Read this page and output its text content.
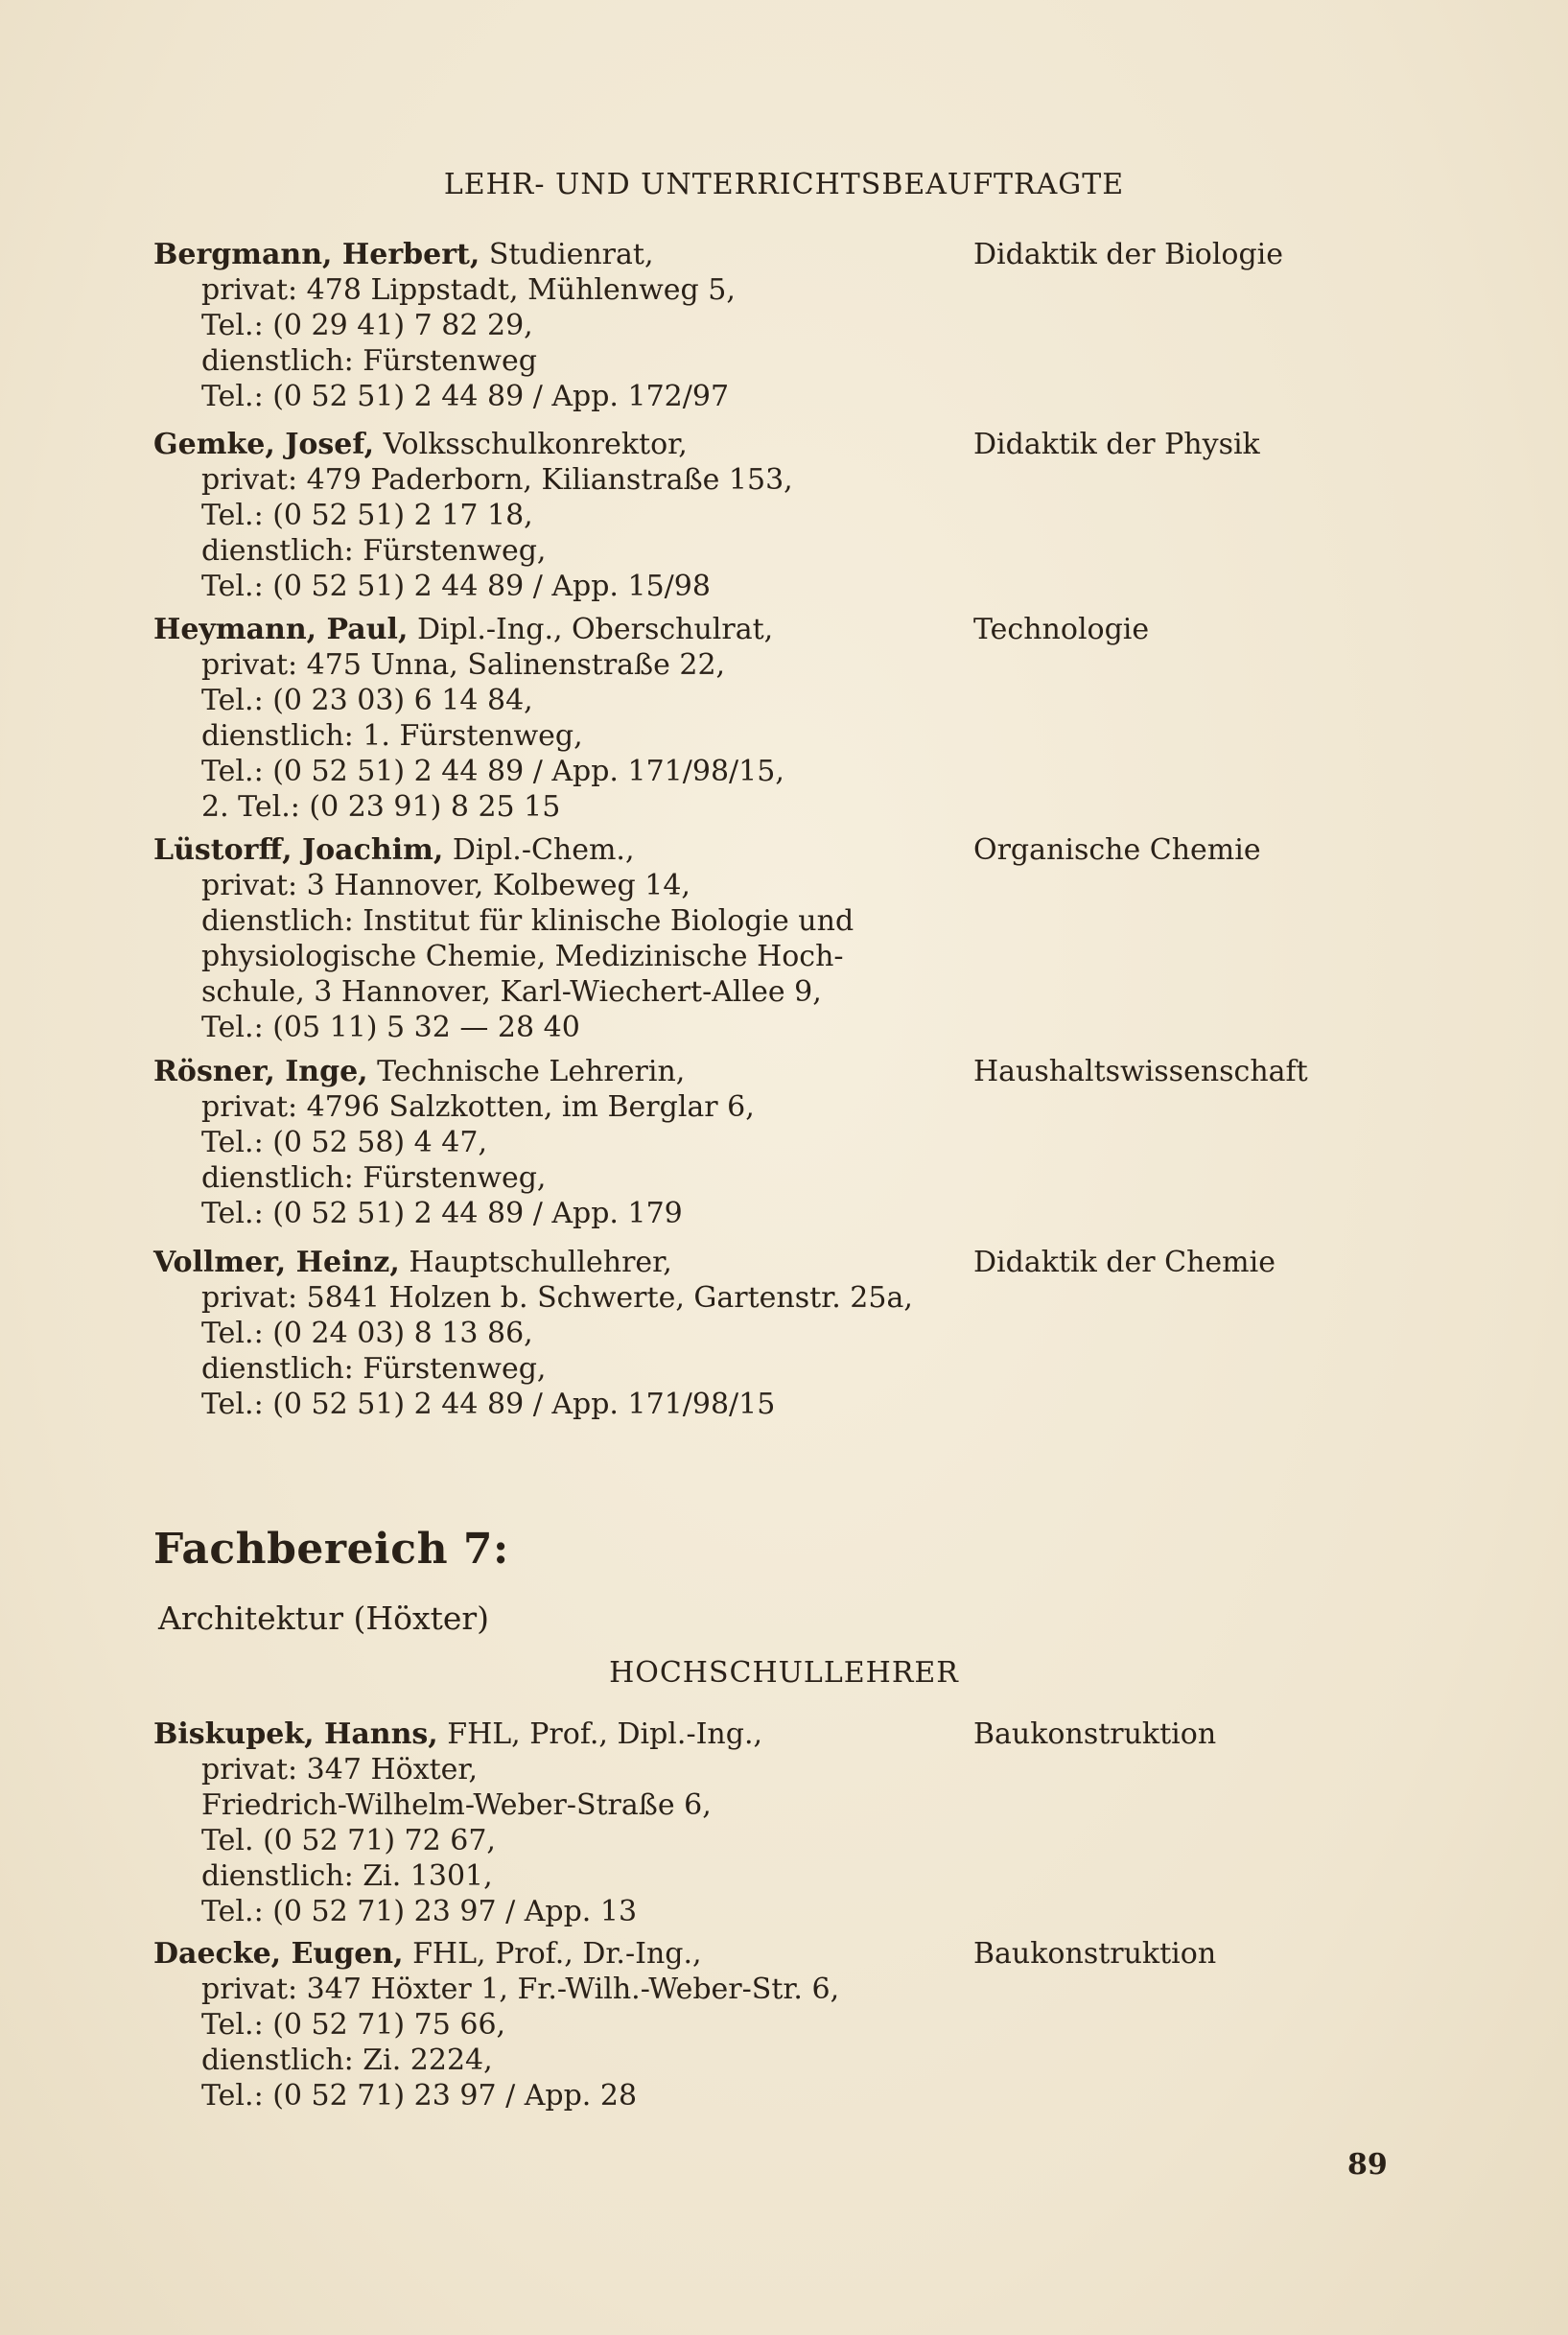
LEHR- UND UNTERRICHTSBEAUFTRAGTE
Bergmann, Herbert, Studienrat,
privat: 478 Lippstadt, Mühlenweg 5,
Tel.: (0 29 41) 7 82 29,
dienstlich: Fürstenweg
Tel.: (0 52 51) 2 44 89 / App. 172/97
Didaktik der Biologie
Gemke, Josef, Volksschulkonrektor,
privat: 479 Paderborn, Kilianstraße 153,
Tel.: (0 52 51) 2 17 18,
dienstlich: Fürstenweg,
Tel.: (0 52 51) 2 44 89 / App. 15/98
Didaktik der Physik
Heymann, Paul, Dipl.-Ing., Oberschulrat,
privat: 475 Unna, Salinenstraße 22,
Tel.: (0 23 03) 6 14 84,
dienstlich: 1. Fürstenweg,
Tel.: (0 52 51) 2 44 89 / App. 171/98/15,
2. Tel.: (0 23 91) 8 25 15
Technologie
Lüstorff, Joachim, Dipl.-Chem.,
privat: 3 Hannover, Kolbeweg 14,
dienstlich: Institut für klinische Biologie und
physiologische Chemie, Medizinische Hoch-
schule, 3 Hannover, Karl-Wiechert-Allee 9,
Tel.: (05 11) 5 32 — 28 40
Organische Chemie
Rösner, Inge, Technische Lehrerin,
privat: 4796 Salzkotten, im Berglar 6,
Tel.: (0 52 58) 4 47,
dienstlich: Fürstenweg,
Tel.: (0 52 51) 2 44 89 / App. 179
Haushaltswissenschaft
Vollmer, Heinz, Hauptschullehrer,
privat: 5841 Holzen b. Schwerte, Gartenstr. 25a,
Tel.: (0 24 03) 8 13 86,
dienstlich: Fürstenweg,
Tel.: (0 52 51) 2 44 89 / App. 171/98/15
Didaktik der Chemie
Fachbereich 7:
Architektur (Höxter)
HOCHSCHULLEHRER
Biskupek, Hanns, FHL, Prof., Dipl.-Ing.,
privat: 347 Höxter,
Friedrich-Wilhelm-Weber-Straße 6,
Tel. (0 52 71) 72 67,
dienstlich: Zi. 1301,
Tel.: (0 52 71) 23 97 / App. 13
Baukonstruktion
Daecke, Eugen, FHL, Prof., Dr.-Ing.,
privat: 347 Höxter 1, Fr.-Wilh.-Weber-Str. 6,
Tel.: (0 52 71) 75 66,
dienstlich: Zi. 2224,
Tel.: (0 52 71) 23 97 / App. 28
Baukonstruktion
89
